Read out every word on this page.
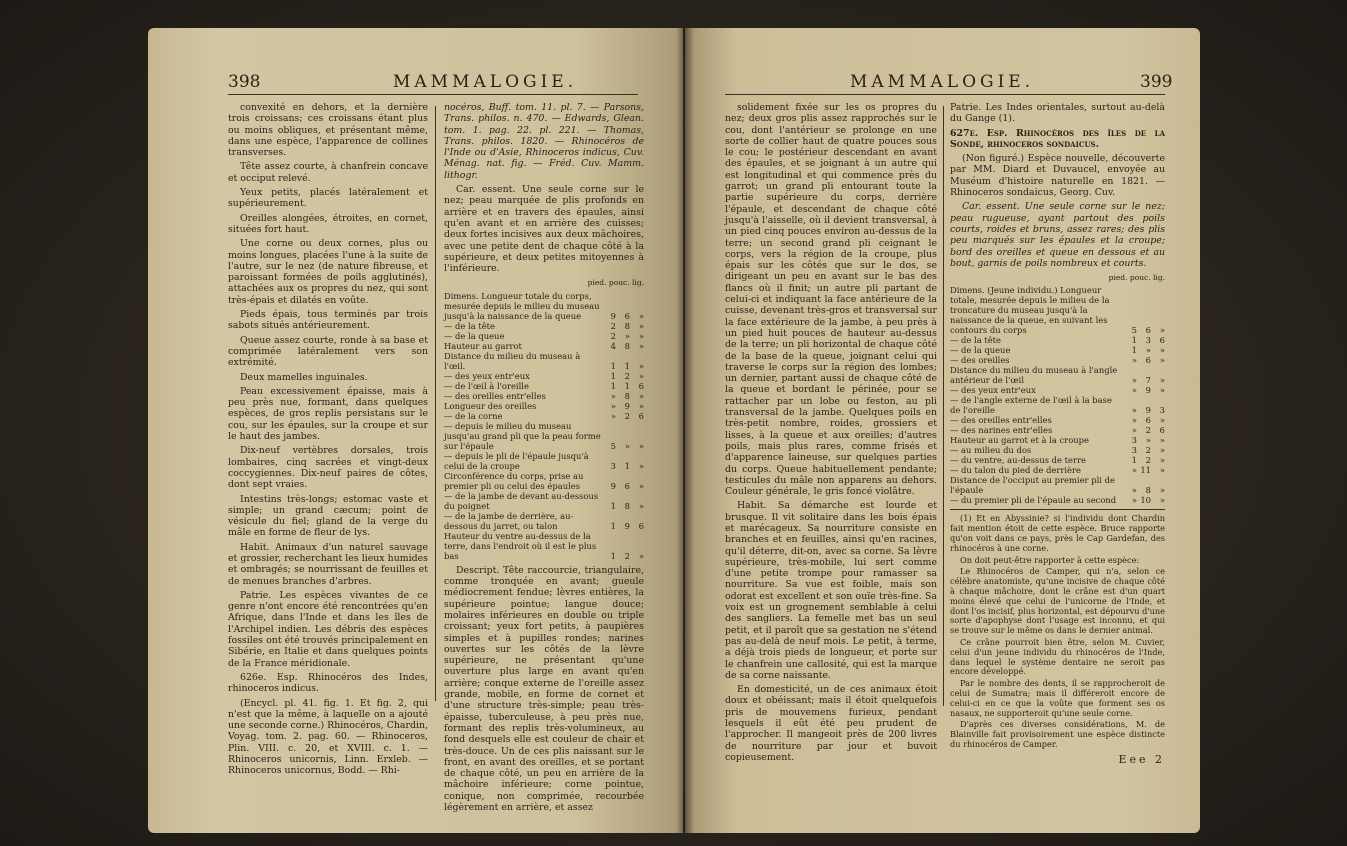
398	MAMMALOGIE.

convexité en dehors, et la dernière trois croissans; ces croissans étant plus ou moins obliques, et présentant même, dans une espèce, l'apparence de collines transverses.

Tête assez courte, à chanfrein concave et occiput relevé.

Yeux petits, placés latéralement et supérieurement.

Oreilles alongées, étroites, en cornet, situées fort haut.

Une corne ou deux cornes, plus ou moins longues, placées l'une à la suite de l'autre, sur le nez (de nature fibreuse, et paroissant formées de poils agglutinés), attachées aux os propres du nez, qui sont très-épais et dilatés en voûte.

Pieds épais, tous terminés par trois sabots situés antérieurement.

Queue assez courte, ronde à sa base et comprimée latéralement vers son extrémité.

Deux mamelles inguinales.

Peau excessivement épaisse, mais à peu près nue, formant, dans quelques espèces, de gros replis persistans sur le cou, sur les épaules, sur la croupe et sur le haut des jambes.

Dix-neuf vertèbres dorsales, trois lombaires, cinq sacrées et vingt-deux coccygiennes. Dix-neuf paires de côtes, dont sept vraies.

Intestins très-longs; estomac vaste et simple; un grand cæcum; point de vésicule du fiel; gland de la verge du mâle en forme de fleur de lys.

Habit. Animaux d'un naturel sauvage et grossier, recherchant les lieux humides et ombragés; se nourrissant de feuilles et de menues branches d'arbres.

Patrie. Les espèces vivantes de ce genre n'ont encore été rencontrées qu'en Afrique, dans l'Inde et dans les îles de l'Archipel indien. Les débris des espèces fossiles ont été trouvés principalement en Sibérie, en Italie et dans quelques points de la France méridionale.

626e. Esp. Rhinocéros des Indes, rhinoceros indicus.

(Encycl. pl. 41. fig. 1. Et fig. 2, qui n'est que la même, à laquelle on a ajouté une seconde corne.) Rhinocéros, Chardin, Voyag. tom. 2. pag. 60. — Rhinoceros, Plin. VIII. c. 20, et XVIII. c. 1. — Rhinoceros unicornis, Linn. Erxleb. — Rhinoceros unicornus, Bodd. — Rhi-

nocéros, Buff. tom. 11. pl. 7. — Parsons, Trans. philos. n. 470. — Edwards, Glean. tom. 1. pag. 22. pl. 221. — Thomas, Trans. philos. 1820. — Rhinocéros de l'Inde ou d'Asie, Rhinoceros indicus, Cuv. Ménag. nat. fig. — Fréd. Cuv. Mamm. lithogr.

Car. essent. Une seule corne sur le nez; peau marquée de plis profonds en arrière et en travers des épaules, ainsi qu'en avant et en arrière des cuisses; deux fortes incisives aux deux mâchoires, avec une petite dent de chaque côté à la supérieure, et deux petites mitoyennes à l'inférieure.

pied. pouc. lig.
Dimens. Longueur totale du corps, mesurée depuis le milieu du museau jusqu'à la naissance de la queue	9	6	»
— de la tête	2	8	»
— de la queue	2	»	»
Hauteur au garrot	4	8	»
Distance du milieu du museau à l'œil.	1	1	»
— des yeux entr'eux	1	2	»
— de l'œil à l'oreille	1	1	6
— des oreilles entr'elles	»	8	»
Longueur des oreilles	»	9	»
— de la corne	»	2	6
— depuis le milieu du museau jusqu'au grand pli que la peau forme sur l'épaule	5	»	»
— depuis le pli de l'épaule jusqu'à celui de la croupe	3	1	»
Circonférence du corps, prise au premier pli ou celui des épaules	9	6	»
— de la jambe de devant au-dessous du poignet	1	8	»
— de la jambe de derrière, au-dessous du jarret, ou talon	1	9	6
Hauteur du ventre au-dessus de la terre, dans l'endroit où il est le plus bas	1	2	»

Descript. Tête raccourcie, triangulaire, comme tronquée en avant; gueule médiocrement fendue; lèvres entières, la supérieure pointue; langue douce; molaires inférieures en double ou triple croissant; yeux fort petits, à paupières simples et à pupilles rondes; narines ouvertes sur les côtés de la lèvre supérieure, ne présentant qu'une ouverture plus large en avant qu'en arrière; conque externe de l'oreille assez grande, mobile, en forme de cornet et d'une structure très-simple; peau très-épaisse, tuberculeuse, à peu près nue, formant des replis très-volumineux, au fond desquels elle est couleur de chair et très-douce. Un de ces plis naissant sur le front, en avant des oreilles, et se portant de chaque côté, un peu en arrière de la mâchoire inférieure; corne pointue, conique, non comprimée, recourbée légèrement en arrière, et assez

MAMMALOGIE.	399

solidement fixée sur les os propres du nez; deux gros plis assez rapprochés sur le cou, dont l'antérieur se prolonge en une sorte de collier haut de quatre pouces sous le cou; le postérieur descendant en avant des épaules, et se joignant à un autre qui est longitudinal et qui commence près du garrot; un grand pli entourant toute la partie supérieure du corps, derrière l'épaule, et descendant de chaque côté jusqu'à l'aisselle, où il devient transversal, à un pied cinq pouces environ au-dessus de la terre; un second grand pli ceignant le corps, vers la région de la croupe, plus épais sur les côtés que sur le dos, se dirigeant un peu en avant sur le bas des flancs où il finit; un autre pli partant de celui-ci et indiquant la face antérieure de la cuisse, devenant très-gros et transversal sur la face extérieure de la jambe, à peu près à un pied huit pouces de hauteur au-dessus de la terre; un pli horizontal de chaque côté de la base de la queue, joignant celui qui traverse le corps sur la région des lombes; un dernier, partant aussi de chaque côté de la queue et bordant le périnée, pour se rattacher par un lobe ou feston, au pli transversal de la jambe. Quelques poils en très-petit nombre, roides, grossiers et lisses, à la queue et aux oreilles; d'autres poils, mais plus rares, comme frisés et d'apparence laineuse, sur quelques parties du corps. Queue habituellement pendante; testicules du mâle non apparens au dehors. Couleur générale, le gris foncé violâtre.

Habit. Sa démarche est lourde et brusque. Il vit solitaire dans les bois épais et marécageux. Sa nourriture consiste en branches et en feuilles, ainsi qu'en racines, qu'il déterre, dit-on, avec sa corne. Sa lèvre supérieure, très-mobile, lui sert comme d'une petite trompe pour ramasser sa nourriture. Sa vue est foible, mais son odorat est excellent et son ouïe très-fine. Sa voix est un grognement semblable à celui des sangliers. La femelle met bas un seul petit, et il paroît que sa gestation ne s'étend pas au-delà de neuf mois. Le petit, à terme, a déjà trois pieds de longueur, et porte sur le chanfrein une callosité, qui est la marque de sa corne naissante.

En domesticité, un de ces animaux étoit doux et obéissant; mais il étoit quelquefois pris de mouvemens furieux, pendant lesquels il eût été peu prudent de l'approcher. Il mangeoit près de 200 livres de nourriture par jour et buvoit copieusement.

Patrie. Les Indes orientales, surtout au-delà du Gange (1).

627e. Esp. Rhinocéros des îles de la Sonde, rhinoceros sondaicus.

(Non figuré.) Espèce nouvelle, découverte par MM. Diard et Duvaucel, envoyée au Muséum d'histoire naturelle en 1821. — Rhinoceros sondaicus, Georg. Cuv.

Car. essent. Une seule corne sur le nez; peau rugueuse, ayant partout des poils courts, roides et bruns, assez rares; des plis peu marqués sur les épaules et la croupe; bord des oreilles et queue en dessous et au bout, garnis de poils nombreux et courts.

pied. pouc. lig.
Dimens. (Jeune individu.) Longueur totale, mesurée depuis le milieu de la troncature du museau jusqu'à la naissance de la queue, en suivant les contours du corps	5	6	»
— de la tête	1	3	6
— de la queue	1	»	»
— des oreilles	»	6	»
Distance du milieu du museau à l'angle antérieur de l'œil	»	7	»
— des yeux entr'eux	»	9	»
— de l'angle externe de l'œil à la base de l'oreille	»	9	3
— des oreilles entr'elles	»	6	»
— des narines entr'elles	»	2	6
Hauteur au garrot et à la croupe	3	»	»
— au milieu du dos	3	2	»
— du ventre, au-dessus de terre	1	2	»
— du talon du pied de derrière	»	11	»
Distance de l'occiput au premier pli de l'épaule	»	8	»
— du premier pli de l'épaule au second	»	10	»

(1) Et en Abyssinie? si l'individu dont Chardin fait mention étoit de cette espèce. Bruce rapporte qu'on voit dans ce pays, près le Cap Gardefan, des rhinocéros à une corne.

On doit peut-être rapporter à cette espèce:

Le Rhinocéros de Camper, qui n'a, selon ce célèbre anatomiste, qu'une incisive de chaque côté à chaque mâchoire, dont le crâne est d'un quart moins élevé que celui de l'unicorne de l'Inde, et dont l'os incisif, plus horizontal, est dépourvu d'une sorte d'apophyse dont l'usage est inconnu, et qui se trouve sur le même os dans le dernier animal.

Ce crâne pourroit bien être, selon M. Cuvier, celui d'un jeune individu du rhinocéros de l'Inde, dans lequel le système dentaire ne seroit pas encore développé.

Par le nombre des dents, il se rapprocheroit de celui de Sumatra; mais il différeroit encore de celui-ci en ce que la voûte que forment ses os nasaux, ne supporteroit qu'une seule corne.

D'après ces diverses considérations, M. de Blainville fait provisoirement une espèce distincte du rhinocéros de Camper.

Eee 2
